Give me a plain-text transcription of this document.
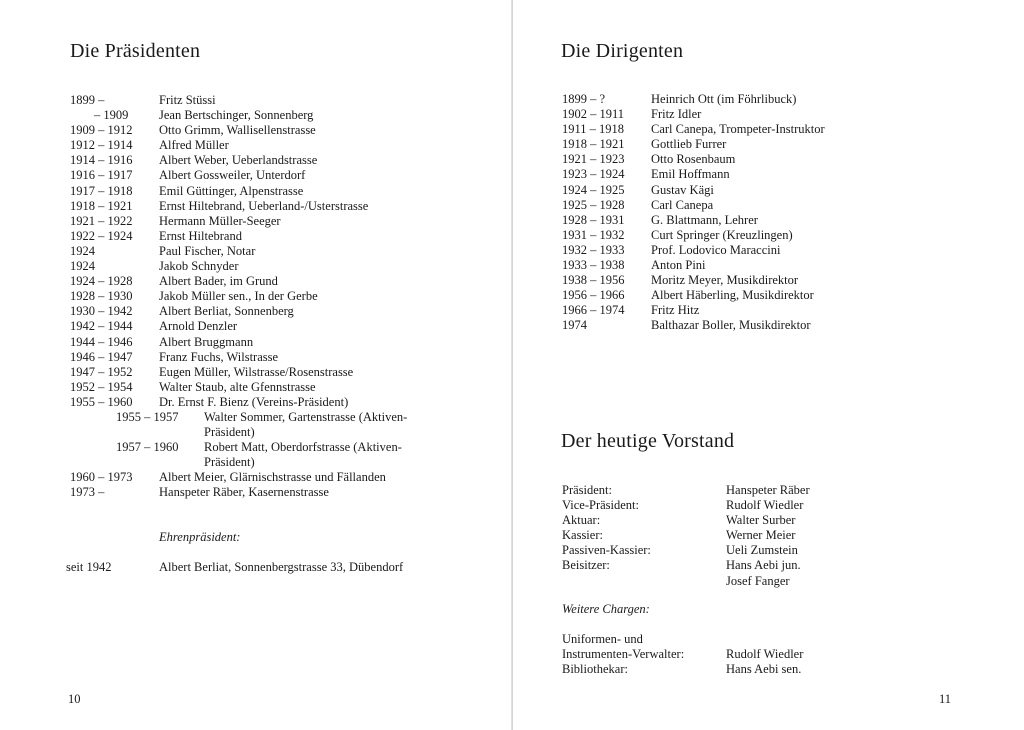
Die Präsidenten
1899 –	Fritz Stüssi
– 1909 Jean Bertschinger, Sonnenberg
1909 – 1912 Otto Grimm, Wallisellenstrasse
1912 – 1914 Alfred Müller
1914 – 1916 Albert Weber, Ueberlandstrasse
1916 – 1917 Albert Gossweiler, Unterdorf
1917 – 1918 Emil Güttinger, Alpenstrasse
1918 – 1921 Ernst Hiltebrand, Ueberland-/Usterstrasse
1921 – 1922 Hermann Müller-Seeger
1922 – 1924 Ernst Hiltebrand
1924	Paul Fischer, Notar
1924	Jakob Schnyder
1924 – 1928 Albert Bader, im Grund
1928 – 1930 Jakob Müller sen., In der Gerbe
1930 – 1942 Albert Berliat, Sonnenberg
1942 – 1944 Arnold Denzler
1944 – 1946 Albert Bruggmann
1946 – 1947 Franz Fuchs, Wilstrasse
1947 – 1952 Eugen Müller, Wilstrasse/Rosenstrasse
1952 – 1954 Walter Staub, alte Gfennstrasse
1955 – 1960 Dr. Ernst F. Bienz (Vereins-Präsident)
1955 – 1957 Walter Sommer, Gartenstrasse (Aktiven-
Präsident)
1957 – 1960 Robert Matt, Oberdorfstrasse (Aktiven-
Präsident)
1960 – 1973 Albert Meier, Glärnischstrasse und Fällanden
1973 –	Hanspeter Räber, Kasernenstrasse
Ehrenpräsident:
seit 1942	Albert Berliat, Sonnenbergstrasse 33, Dübendorf
10
Die Dirigenten
1899 – ?	Heinrich Ott (im Föhrlibuck)
1902 – 1911 Fritz Idler
1911 – 1918 Carl Canepa, Trompeter-Instruktor
1918 – 1921 Gottlieb Furrer
1921 – 1923 Otto Rosenbaum
1923 – 1924 Emil Hoffmann
1924 – 1925 Gustav Kägi
1925 – 1928 Carl Canepa
1928 – 1931 G. Blattmann, Lehrer
1931 – 1932 Curt Springer (Kreuzlingen)
1932 – 1933 Prof. Lodovico Maraccini
1933 – 1938 Anton Pini
1938 – 1956 Moritz Meyer, Musikdirektor
1956 – 1966 Albert Häberling, Musikdirektor
1966 – 1974 Fritz Hitz
1974	Balthazar Boller, Musikdirektor
Der heutige Vorstand
Präsident:	Hanspeter Räber
Vice-Präsident:	Rudolf Wiedler
Aktuar:	Walter Surber
Kassier:	Werner Meier
Passiven-Kassier:	Ueli Zumstein
Beisitzer:	Hans Aebi jun.
Josef Fanger
Weitere Chargen:
Uniformen- und
Instrumenten-Verwalter:	Rudolf Wiedler
Bibliothekar:	Hans Aebi sen.
11
